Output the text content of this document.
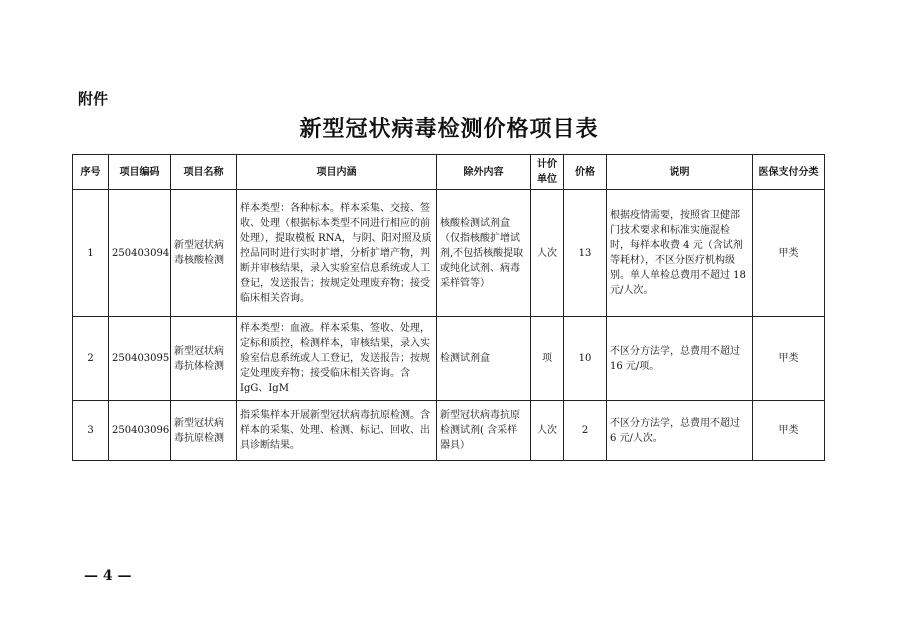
附件
新型冠状病毒检测价格项目表
序号	项目编码	项目名称	项目内涵	除外内容	计价单位	价格	说明	医保支付分类
1	250403094	新型冠状病毒核酸检测	样本类型：各种标本。样本采集、交接、签收、处理（根据标本类型不同进行相应的前处理），提取模板 RNA，与阴、阳对照及质控品同时进行实时扩增，分析扩增产物，判断并审核结果，录入实验室信息系统或人工登记，发送报告；按规定处理废弃物；接受临床相关咨询。	核酸检测试剂盒（仅指核酸扩增试剂,不包括核酸提取或纯化试剂、病毒采样管等）	人次	13	根据疫情需要，按照省卫健部门技术要求和标准实施混检时，每样本收费 4 元（含试剂等耗材），不区分医疗机构级别。单人单检总费用不超过 18 元/人次。	甲类
2	250403095	新型冠状病毒抗体检测	样本类型：血液。样本采集、签收、处理，定标和质控，检测样本，审核结果，录入实验室信息系统或人工登记，发送报告；按规定处理废弃物；接受临床相关咨询。含 IgG、IgM	检测试剂盒	项	10	不区分方法学，总费用不超过 16 元/项。	甲类
3	250403096	新型冠状病毒抗原检测	指采集样本开展新型冠状病毒抗原检测。含样本的采集、处理、检测、标记、回收、出具诊断结果。	新型冠状病毒抗原检测试剂( 含采样器具）	人次	2	不区分方法学，总费用不超过 6 元/人次。	甲类
— 4 —
